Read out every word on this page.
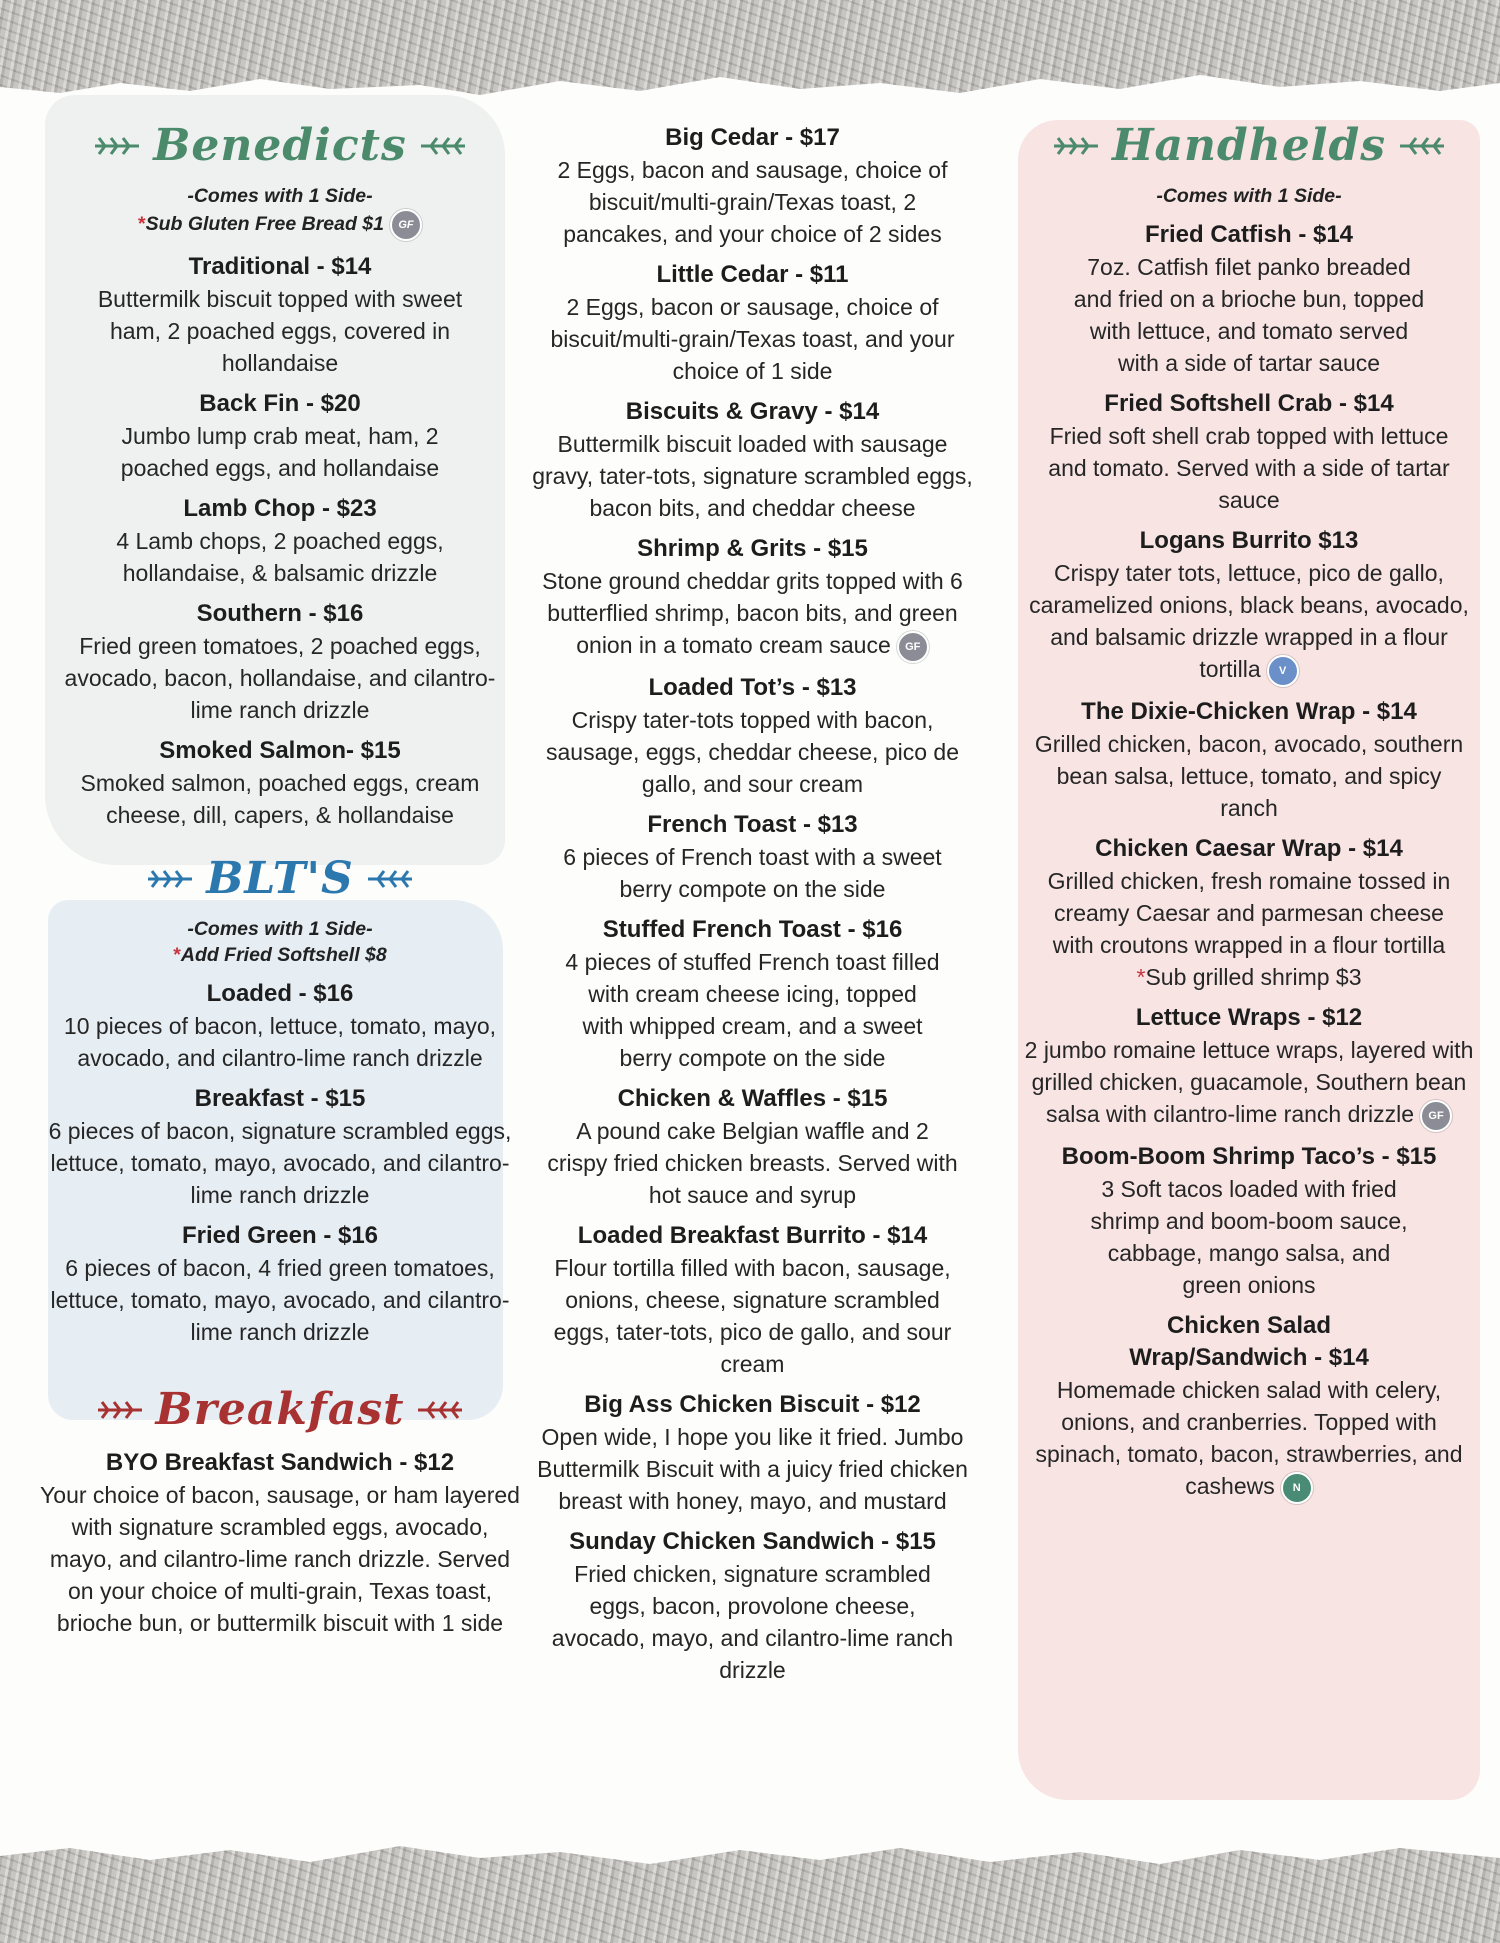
Benedicts
-Comes with 1 Side-
*Sub Gluten Free Bread $1 GF
Traditional - $14
Buttermilk biscuit topped with sweet ham, 2 poached eggs, covered in hollandaise
Back Fin - $20
Jumbo lump crab meat, ham, 2 poached eggs, and hollandaise
Lamb Chop - $23
4 Lamb chops, 2 poached eggs, hollandaise, & balsamic drizzle
Southern - $16
Fried green tomatoes, 2 poached eggs, avocado, bacon, hollandaise, and cilantro-lime ranch drizzle
Smoked Salmon- $15
Smoked salmon, poached eggs, cream cheese, dill, capers, & hollandaise
BLT'S
-Comes with 1 Side-
*Add Fried Softshell $8
Loaded - $16
10 pieces of bacon, lettuce, tomato, mayo, avocado, and cilantro-lime ranch drizzle
Breakfast - $15
6 pieces of bacon, signature scrambled eggs, lettuce, tomato, mayo, avocado, and cilantro-lime ranch drizzle
Fried Green - $16
6 pieces of bacon, 4 fried green tomatoes, lettuce, tomato, mayo, avocado, and cilantro-lime ranch drizzle
Breakfast
BYO Breakfast Sandwich - $12
Your choice of bacon, sausage, or ham layered with signature scrambled eggs, avocado, mayo, and cilantro-lime ranch drizzle. Served on your choice of multi-grain, Texas toast, brioche bun, or buttermilk biscuit with 1 side
Big Cedar - $17
2 Eggs, bacon and sausage, choice of biscuit/multi-grain/Texas toast, 2 pancakes, and your choice of 2 sides
Little Cedar - $11
2 Eggs, bacon or sausage, choice of biscuit/multi-grain/Texas toast, and your choice of 1 side
Biscuits & Gravy - $14
Buttermilk biscuit loaded with sausage gravy, tater-tots, signature scrambled eggs, bacon bits, and cheddar cheese
Shrimp & Grits - $15
Stone ground cheddar grits topped with 6 butterflied shrimp, bacon bits, and green onion in a tomato cream sauce GF
Loaded Tot’s - $13
Crispy tater-tots topped with bacon, sausage, eggs, cheddar cheese, pico de gallo, and sour cream
French Toast - $13
6 pieces of French toast with a sweet berry compote on the side
Stuffed French Toast - $16
4 pieces of stuffed French toast filled with cream cheese icing, topped with whipped cream, and a sweet berry compote on the side
Chicken & Waffles - $15
A pound cake Belgian waffle and 2 crispy fried chicken breasts. Served with hot sauce and syrup
Loaded Breakfast Burrito - $14
Flour tortilla filled with bacon, sausage, onions, cheese, signature scrambled eggs, tater-tots, pico de gallo, and sour cream
Big Ass Chicken Biscuit - $12
Open wide, I hope you like it fried. Jumbo Buttermilk Biscuit with a juicy fried chicken breast with honey, mayo, and mustard
Sunday Chicken Sandwich - $15
Fried chicken, signature scrambled eggs, bacon, provolone cheese, avocado, mayo, and cilantro-lime ranch drizzle
Handhelds
-Comes with 1 Side-
Fried Catfish - $14
7oz. Catfish filet panko breaded and fried on a brioche bun, topped with lettuce, and tomato served with a side of tartar sauce
Fried Softshell Crab - $14
Fried soft shell crab topped with lettuce and tomato. Served with a side of tartar sauce
Logans Burrito $13
Crispy tater tots, lettuce, pico de gallo, caramelized onions, black beans, avocado, and balsamic drizzle wrapped in a flour tortilla V
The Dixie-Chicken Wrap - $14
Grilled chicken, bacon, avocado, southern bean salsa, lettuce, tomato, and spicy ranch
Chicken Caesar Wrap - $14
Grilled chicken, fresh romaine tossed in creamy Caesar and parmesan cheese with croutons wrapped in a flour tortilla
*Sub grilled shrimp $3
Lettuce Wraps - $12
2 jumbo romaine lettuce wraps, layered with grilled chicken, guacamole, Southern bean salsa with cilantro-lime ranch drizzle GF
Boom-Boom Shrimp Taco’s - $15
3 Soft tacos loaded with fried shrimp and boom-boom sauce, cabbage, mango salsa, and green onions
Chicken Salad Wrap/Sandwich - $14
Homemade chicken salad with celery, onions, and cranberries. Topped with spinach, tomato, bacon, strawberries, and cashews N
